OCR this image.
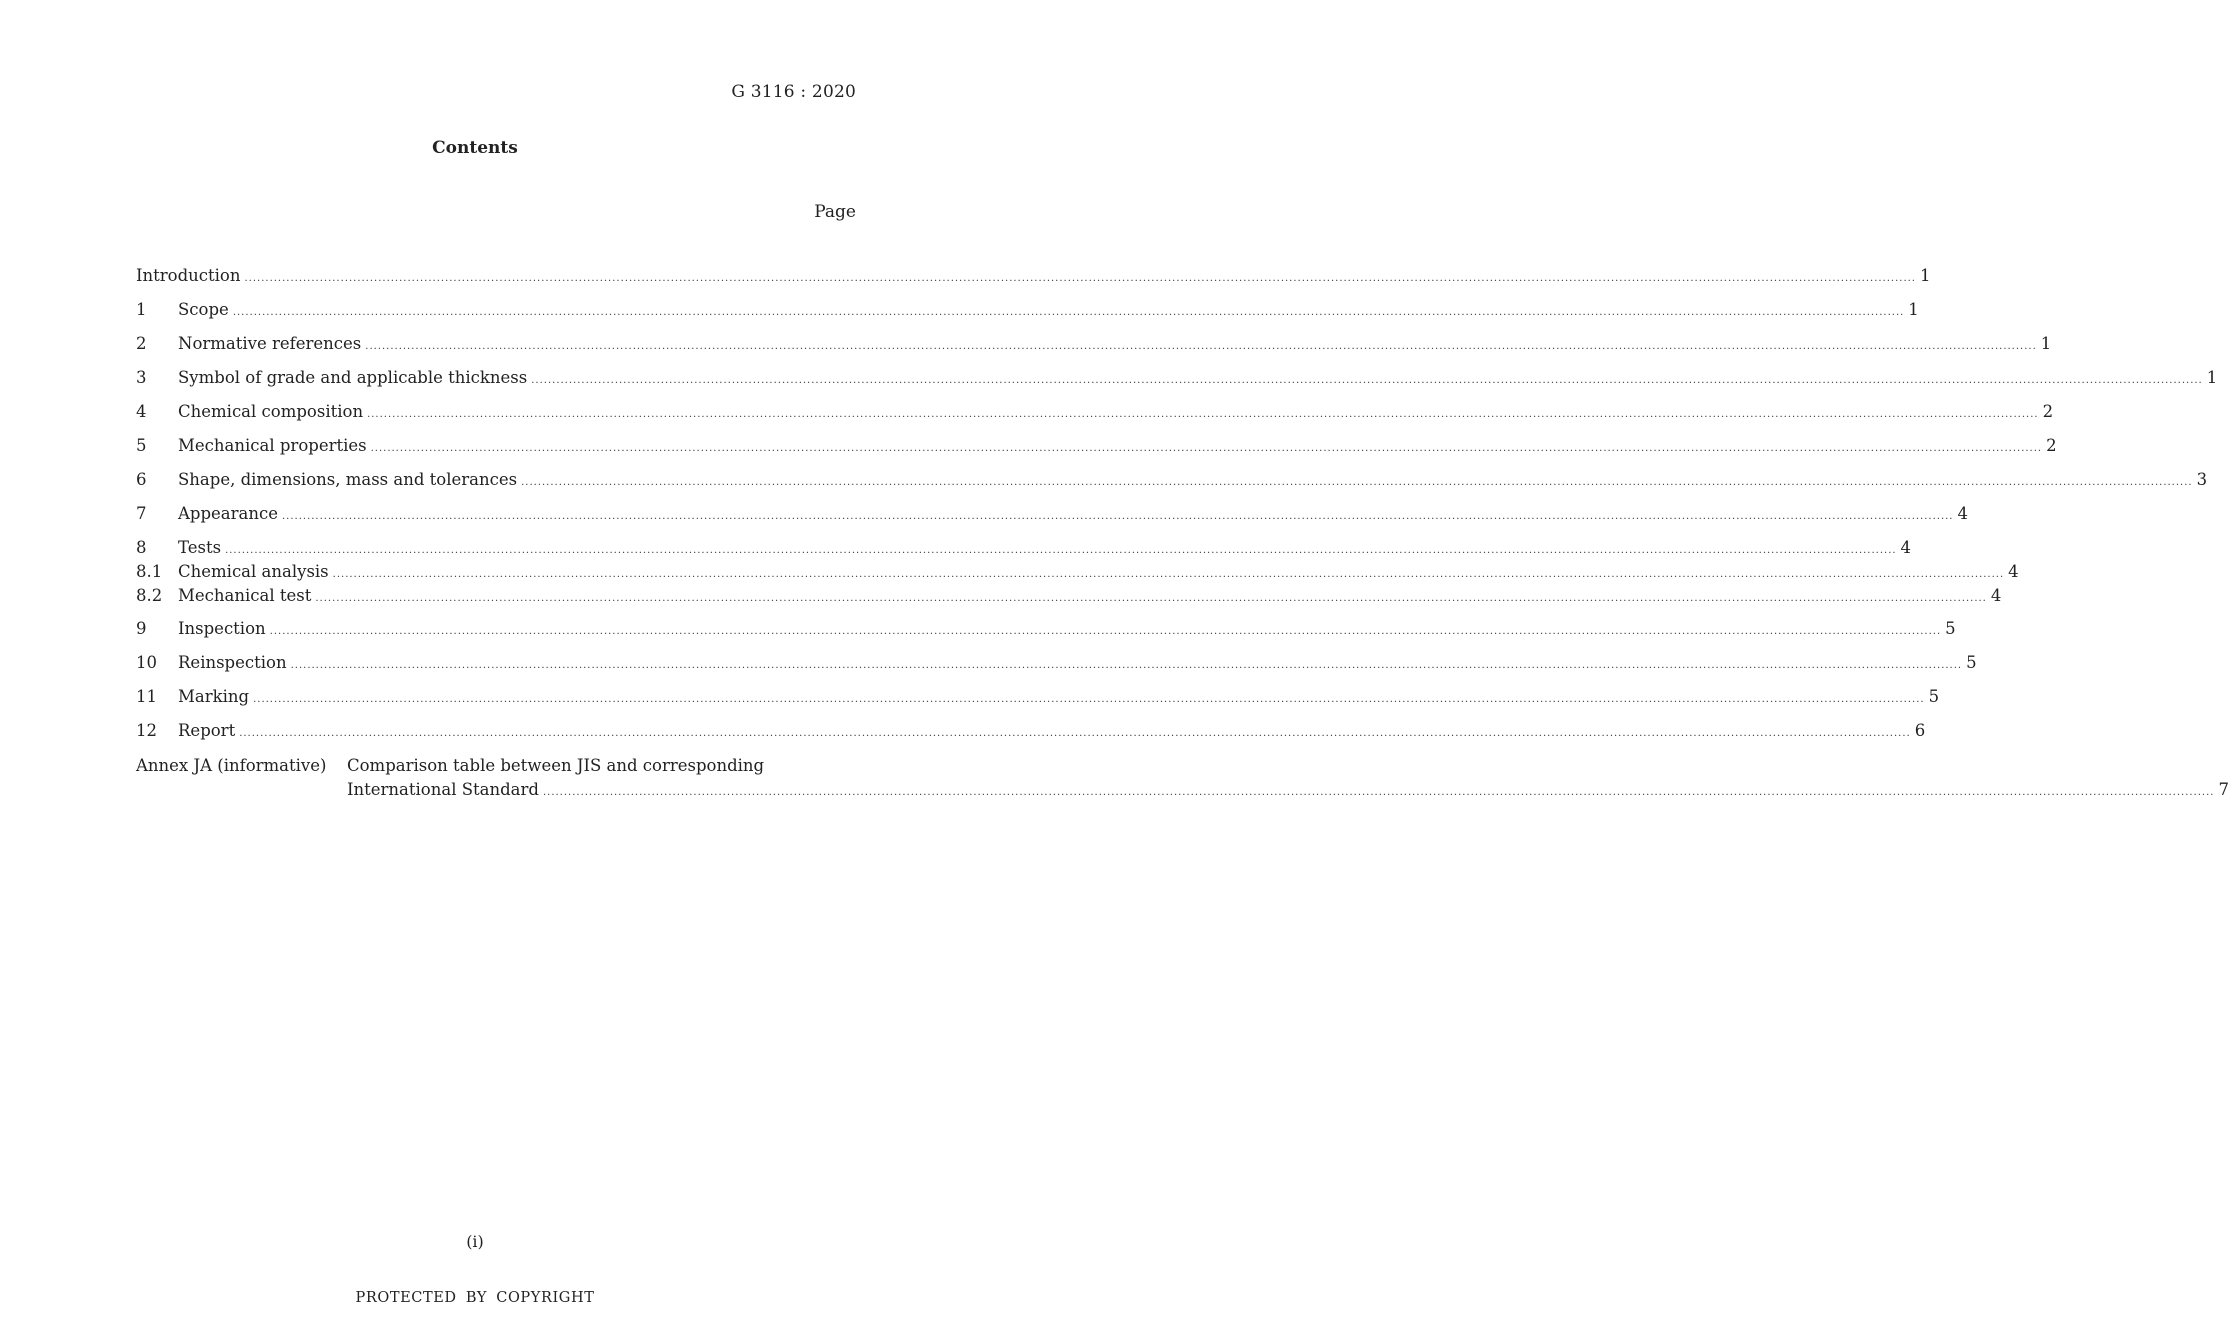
G 3116 : 2020
Contents
Page
Introduction ................................................................................................................................................................................................................................................................................................................................................................................................................ 1
1 Scope ................................................................................................................................................................................................................................................................................................................................................................................................................ 1
2 Normative references ................................................................................................................................................................................................................................................................................................................................................................................................................ 1
3 Symbol of grade and applicable thickness ................................................................................................................................................................................................................................................................................................................................................................................................................ 1
4 Chemical composition ................................................................................................................................................................................................................................................................................................................................................................................................................ 2
5 Mechanical properties ................................................................................................................................................................................................................................................................................................................................................................................................................ 2
6 Shape, dimensions, mass and tolerances ................................................................................................................................................................................................................................................................................................................................................................................................................ 3
7 Appearance ................................................................................................................................................................................................................................................................................................................................................................................................................ 4
8 Tests ................................................................................................................................................................................................................................................................................................................................................................................................................ 4
8.1 Chemical analysis ................................................................................................................................................................................................................................................................................................................................................................................................................ 4
8.2 Mechanical test ................................................................................................................................................................................................................................................................................................................................................................................................................ 4
9 Inspection ................................................................................................................................................................................................................................................................................................................................................................................................................ 5
10 Reinspection ................................................................................................................................................................................................................................................................................................................................................................................................................ 5
11 Marking ................................................................................................................................................................................................................................................................................................................................................................................................................ 5
12 Report ................................................................................................................................................................................................................................................................................................................................................................................................................ 6
Annex JA (informative) Comparison table between JIS and corresponding
International Standard ................................................................................................................................................................................................................................................................................................................................................................................................................ 7
(i)
PROTECTED BY COPYRIGHT
